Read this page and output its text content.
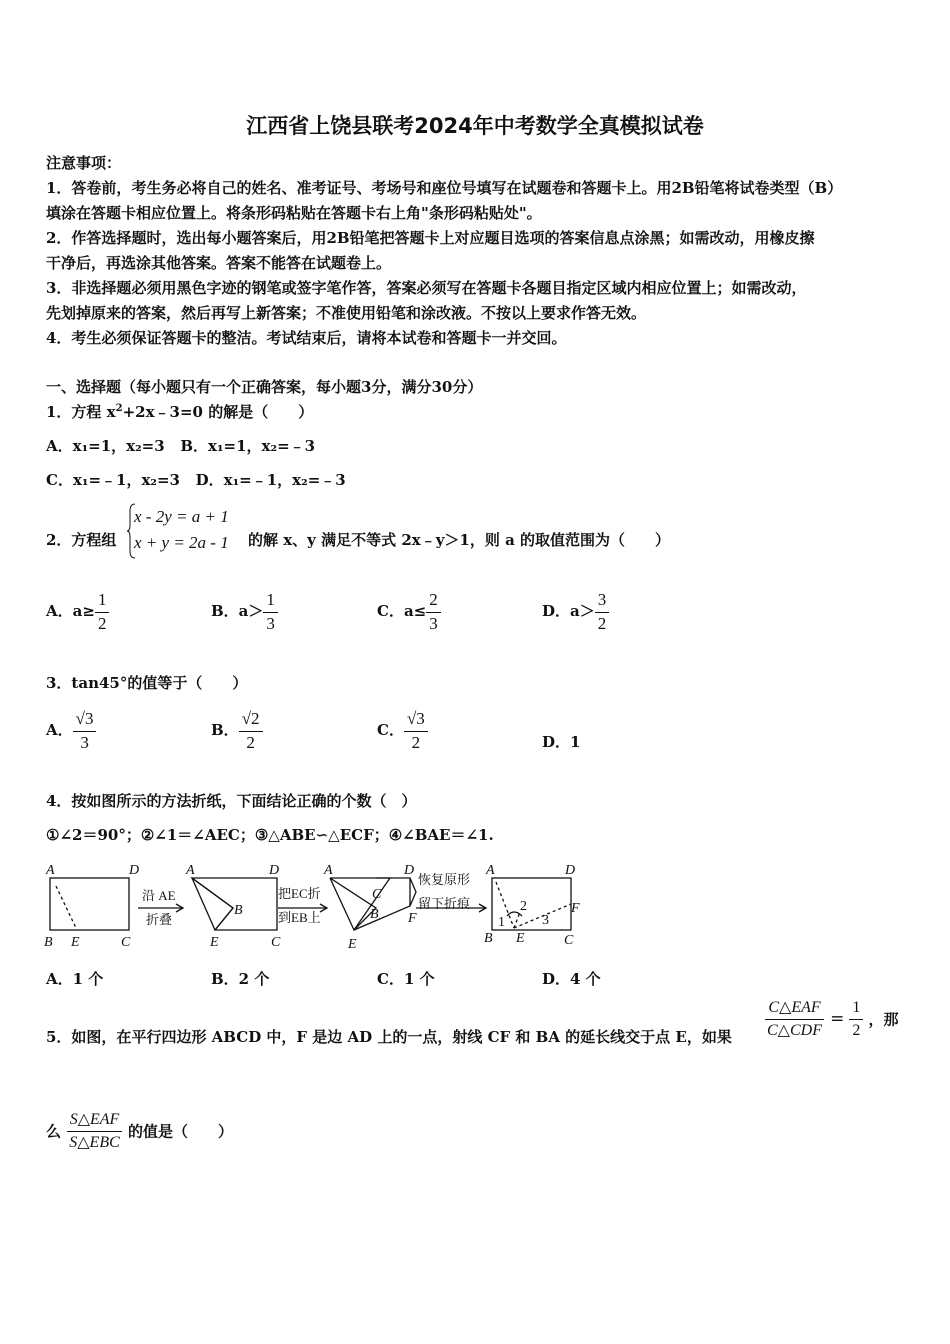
江西省上饶县联考2024年中考数学全真模拟试卷
注意事项：
1．答卷前，考生务必将自己的姓名、准考证号、考场号和座位号填写在试题卷和答题卡上。用2B铅笔将试卷类型（B）
填涂在答题卡相应位置上。将条形码粘贴在答题卡右上角"条形码粘贴处"。
2．作答选择题时，选出每小题答案后，用2B铅笔把答题卡上对应题目选项的答案信息点涂黑；如需改动，用橡皮擦
干净后，再选涂其他答案。答案不能答在试题卷上。
3．非选择题必须用黑色字迹的钢笔或签字笔作答，答案必须写在答题卡各题目指定区域内相应位置上；如需改动，
先划掉原来的答案，然后再写上新答案；不准使用铅笔和涂改液。不按以上要求作答无效。
4．考生必须保证答题卡的整洁。考试结束后，请将本试卷和答题卡一并交回。
一、选择题（每小题只有一个正确答案，每小题3分，满分30分）
1．方程 $x^2+2x﹣3=0$ 的解是（　　）
A．x₁=1，x₂=3 B．x₁=1，x₂=﹣3
C．x₁=﹣1，x₂=3 D．x₁=﹣1，x₂=﹣3
2．方程组
x - 2y = a + 1
x + y = 2a - 1 的解 x、y 满足不等式 2x﹣y＞1，则 a 的取值范围为（　　）
A．$a\ge \frac{1}{2}$	B．$a> \frac{1}{3}$	C．$a\le \frac{2}{3}$	D．$a> \frac{3}{2}$
3．tan45°的值等于（　　）
A． $\frac{√3}{3}$	B． $\frac{√2}{2}$	C． $\frac{√3}{2}$	D．1
4．按如图所示的方法折纸，下面结论正确的个数（　）
①∠2＝90°；②∠1＝∠AEC；③△ABE∽△ECF；④∠BAE＝∠1.
A	D
B E	C
A	D
B
E	C
A	D
C
B F
E
A	D
F
B E	C
1
2
3
沿 AE
折叠
把EC折
到EB上
恢复原形
留下折痕
A．1 个	B．2 个	C．1 个	D．4 个
5．如图，在平行四边形 ABCD 中，F 是边 AD 上的一点，射线 CF 和 BA 的延长线交于点 E，如果 $\frac{\text{C△EAF}}{\text{C△CDF}} = \frac{1}{2}$ ，那
么 $\frac{\text{S△EAF}}{\text{S△EBC}}$ 的值是（　　）
